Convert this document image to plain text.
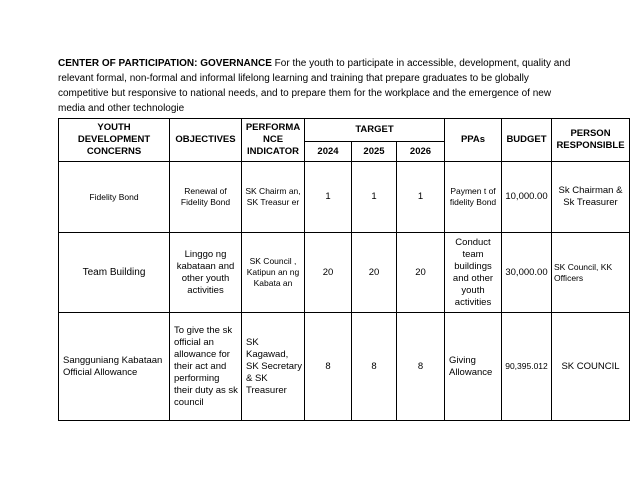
CENTER OF PARTICIPATION: GOVERNANCE For the youth to participate in accessible, development, quality and relevant formal, non-formal and informal lifelong learning and training that prepare graduates to be globally competitive but responsive to national needs, and to prepare them for the workplace and the emergence of new media and other technologie
YOUTH DEVELOPMENT CONCERNS	OBJECTIVES	PERFORMA NCE INDICATOR	TARGET			PPAs	BUDGET	PERSON RESPONSIBLE
			2024	2025	2026			
Fidelity Bond	Renewal of Fidelity Bond	SK Chairm an, SK Treasur er	1	1	1	Paymen t of fidelity Bond	10,000.00	Sk Chairman & Sk Treasurer
Team Building	Linggo ng kabataan and other youth activities	SK Council , Katipun an ng Kabata an	20	20	20	Conduct team buildings and other youth activities	30,000.00	SK Council, KK Officers
Sangguniang Kabataan Official Allowance	To give the sk official an allowance for their act and performing their duty as sk council	SK Kagawad, SK Secretary & SK Treasurer	8	8	8	Giving Allowance	90,395.012	SK COUNCIL
